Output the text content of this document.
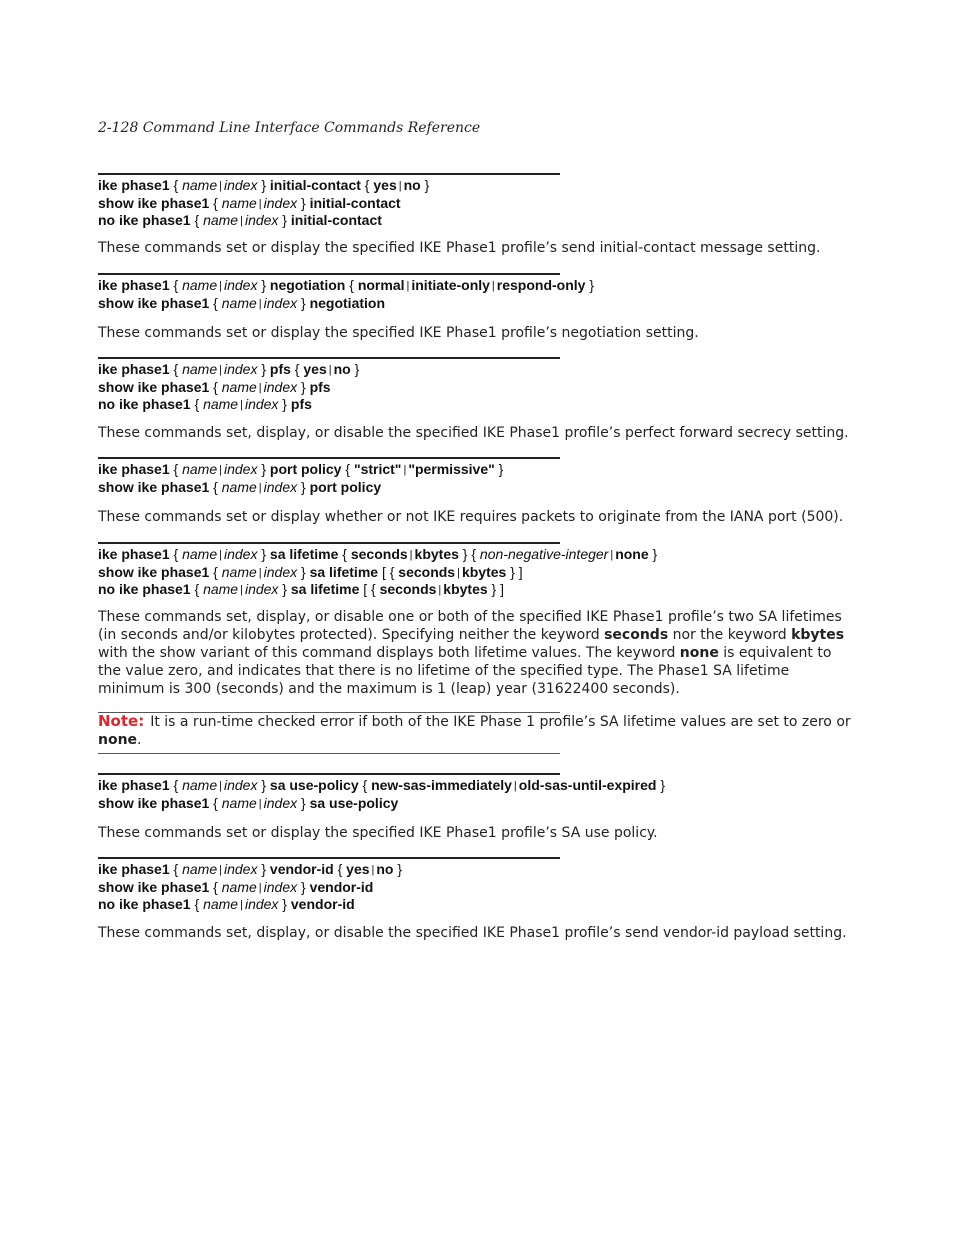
2-128 Command Line Interface Commands Reference
ike phase1 { name | index } initial-contact { yes | no }
show ike phase1 { name | index } initial-contact
no ike phase1 { name | index } initial-contact
These commands set or display the specified IKE Phase1 profile’s send initial-contact message setting.
ike phase1 { name | index } negotiation { normal | initiate-only | respond-only }
show ike phase1 { name | index } negotiation
These commands set or display the specified IKE Phase1 profile’s negotiation setting.
ike phase1 { name | index } pfs { yes | no }
show ike phase1 { name | index } pfs
no ike phase1 { name | index } pfs
These commands set, display, or disable the specified IKE Phase1 profile’s perfect forward secrecy setting.
ike phase1 { name | index } port policy { "strict" | "permissive" }
show ike phase1 { name | index } port policy
These commands set or display whether or not IKE requires packets to originate from the IANA port (500).
ike phase1 { name | index } sa lifetime { seconds | kbytes } { non-negative-integer | none }
show ike phase1 { name | index } sa lifetime [ { seconds | kbytes } ]
no ike phase1 { name | index } sa lifetime [ { seconds | kbytes } ]
These commands set, display, or disable one or both of the specified IKE Phase1 profile’s two SA lifetimes (in seconds and/or kilobytes protected). Specifying neither the keyword seconds nor the keyword kbytes with the show variant of this command displays both lifetime values. The keyword none is equivalent to the value zero, and indicates that there is no lifetime of the specified type. The Phase1 SA lifetime minimum is 300 (seconds) and the maximum is 1 (leap) year (31622400 seconds).
Note: It is a run-time checked error if both of the IKE Phase 1 profile’s SA lifetime values are set to zero or none.
ike phase1 { name | index } sa use-policy { new-sas-immediately | old-sas-until-expired }
show ike phase1 { name | index } sa use-policy
These commands set or display the specified IKE Phase1 profile’s SA use policy.
ike phase1 { name | index } vendor-id { yes | no }
show ike phase1 { name | index } vendor-id
no ike phase1 { name | index } vendor-id
These commands set, display, or disable the specified IKE Phase1 profile’s send vendor-id payload setting.
